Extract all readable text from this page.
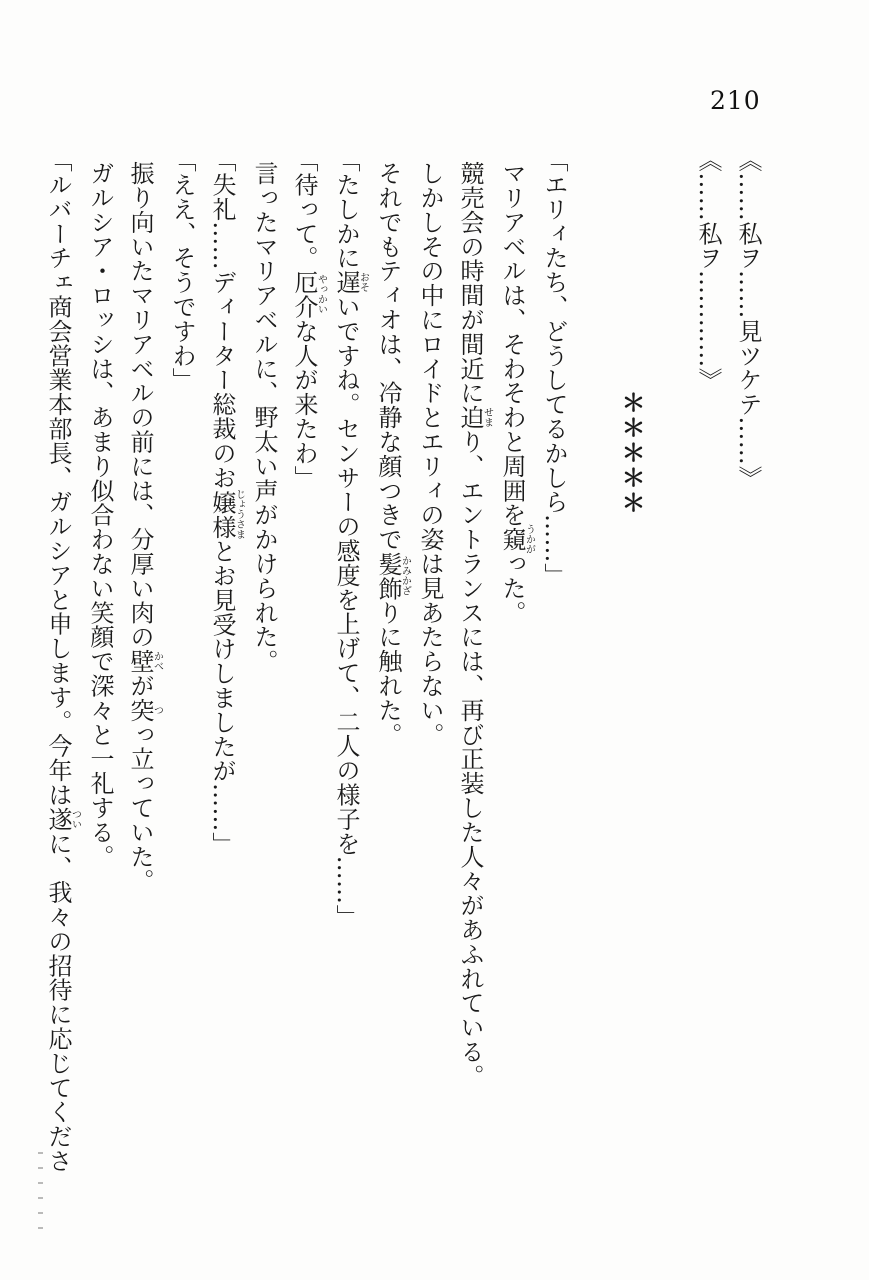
210

《……私ヲ……見ツケテ……》

《……私ヲ…………》

＊＊＊＊＊

「エリィたち、どうしてるかしら……」

マリアベルは、そわそわと周囲を窺うかがった。

競売会の時間が間近に迫せまり、エントランスには、再び正装した人々があふれている。

しかしその中にロイドとエリィの姿は見あたらない。

それでもティオは、冷静な顔つきで髪飾かみかざりに触れた。

「たしかに遅おそいですね。センサーの感度を上げて、二人の様子を……」

「待って。厄介やっかいな人が来たわ」

言ったマリアベルに、野太い声がかけられた。

「失礼……ディーター総裁のお嬢様じょうさまとお見受けしましたが……」

「ええ、そうですわ」

振り向いたマリアベルの前には、分厚い肉の壁かべが突つっ立っていた。

ガルシア・ロッシは、あまり似合わない笑顔で深々と一礼する。

「ルバーチェ商会営業本部長、ガルシアと申します。今年は遂ついに、我々の招待に応じてくださ
